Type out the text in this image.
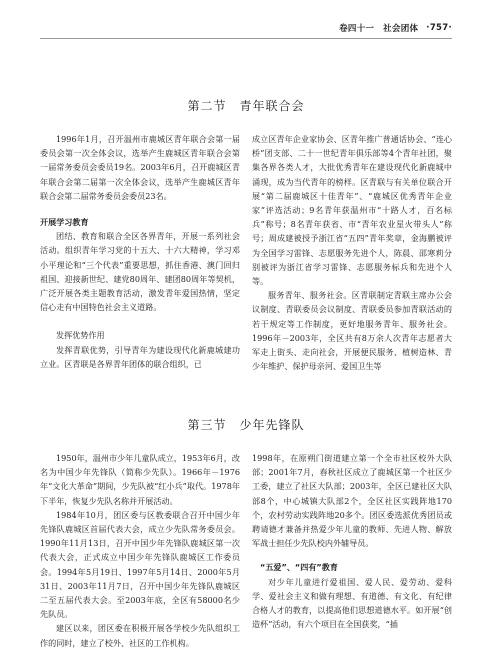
卷四十一　社会团体 ·757·
第二节　青年联合会

1996年1月，召开温州市鹿城区青年联合会第一届委员会第一次全体会议，选举产生鹿城区青年联合会第一届常务委员会委员19名。2003年6月，召开鹿城区青年联合会第二届第一次全体会议，选举产生鹿城区青年联合会第二届常务委员会委员23名。

开展学习教育

团结、教育和联合全区各界青年，开展一系列社会活动。组织青年学习党的十五大、十六大精神，学习邓小平理论和“三个代表”重要思想，抓住香港、澳门回归祖国、迎接新世纪、建党80周年、建团80周年等契机，广泛开展各类主题教育活动，激发青年爱国热情，坚定信心走有中国特色社会主义道路。

发挥优势作用

发挥青联优势，引导青年为建设现代化新鹿城建功立业。区青联是各界青年团体的联合组织，已

成立区青年企业家协会、区青年推广普通话协会、“连心桥”团支部、二十一世纪青年俱乐部等4个青年社团，聚集各界各类人才，大批优秀青年在建设现代化新鹿城中涌现，成为当代青年的榜样。区青联与有关单位联合开展“第二届鹿城区十佳青年”、“鹿城区优秀青年企业家”评选活动；9名青年获温州市“十路人才，百名标兵”称号；8名青年获省、市“青年农业星火带头人”称号；周成建被授予浙江省“五四”青年奖章，金海鹏被评为全国学习雷锋、志愿服务先进个人，陈晨、邵寒莉分别被评为浙江省学习雷锋、志愿服务标兵和先进个人等。

服务青年、服务社会。区青联制定青联主席办公会议制度、青联委员会议制度、青联委员参加青联活动的若干规定等工作制度，更好地服务青年、服务社会。1996年－2003年，全区共有8万余人次青年志愿者大军走上街头、走向社会，开展便民服务、植树造林、青少年维护、保护母亲河、爱国卫生等

第三节　少年先锋队

1950年，温州市少年儿童队成立，1953年6月，改名为中国少年先锋队（简称少先队）。1966年－1976年“文化大革命”期间，少先队被“红小兵”取代。1978年下半年，恢复少先队名称并开展活动。

1984年10月，团区委与区教委联合召开中国少年先锋队鹿城区首届代表大会，成立少先队常务委员会。1990年11月13日，召开中国少年先锋队鹿城区第一次代表大会，正式成立中国少年先锋队鹿城区工作委员会。1994年5月19日、1997年5月14日、2000年5月31日、2003年11月7日，召开中国少年先锋队鹿城区二至五届代表大会。至2003年底，全区有58000名少先队员。

建区以来，团区委在积极开展各学校少先队组织工作的同时，建立了校外、社区的工作机构。

1998年，在原朔门街道建立第一个全市社区校外大队部；2001年7月，春秋社区成立了鹿城区第一个社区少工委，建立了社区大队部；2003年，全区已建社区大队部8个，中心城镇大队部2个，全区社区实践阵地170个，农村劳动实践阵地20多个。团区委选派优秀团员或聘请德才兼备并热爱少年儿童的教师、先进人物、解放军战士担任少先队校内外辅导员。

“五爱”、“四有”教育

对少年儿童进行爱祖国、爱人民、爱劳动、爱科学、爱社会主义和做有理想、有道德、有文化、有纪律合格人才的教育，以提高他们思想道德水平。如开展“创造杯”活动，有六个项目在全国获奖，“插
